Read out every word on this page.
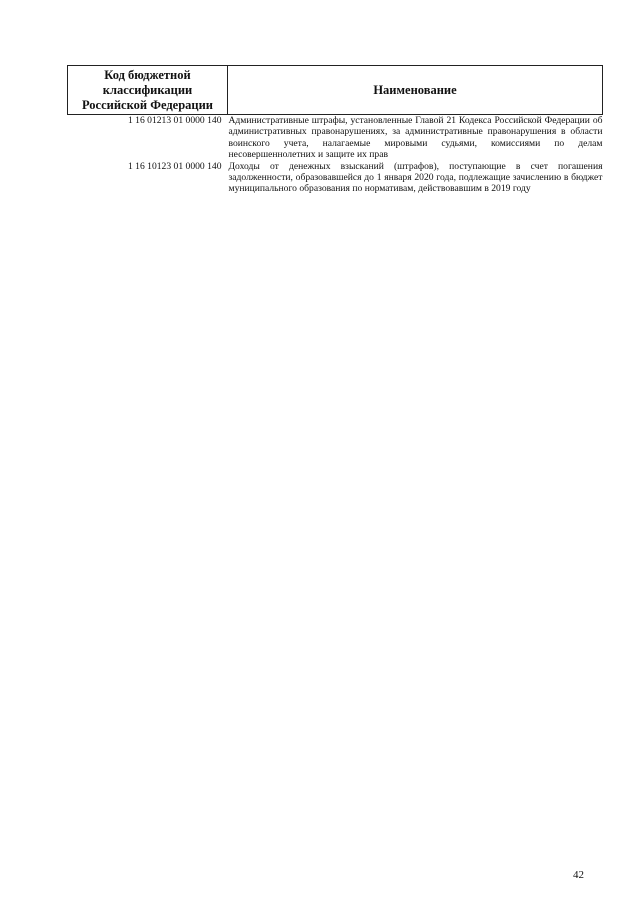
Код бюджетной классификации Российской Федерации	Наименование
1 16 01213 01 0000 140	Административные штрафы, установленные Главой 21 Кодекса Российской Федерации об административных правонарушениях, за административные правонарушения в области воинского учета, налагаемые мировыми судьями, комиссиями по делам несовершеннолетних и защите их прав
1 16 10123 01 0000 140	Доходы от денежных взысканий (штрафов), поступающие в счет погашения задолженности, образовавшейся до 1 января 2020 года, подлежащие зачислению в бюджет муниципального образования по нормативам, действовавшим в 2019 году
42
